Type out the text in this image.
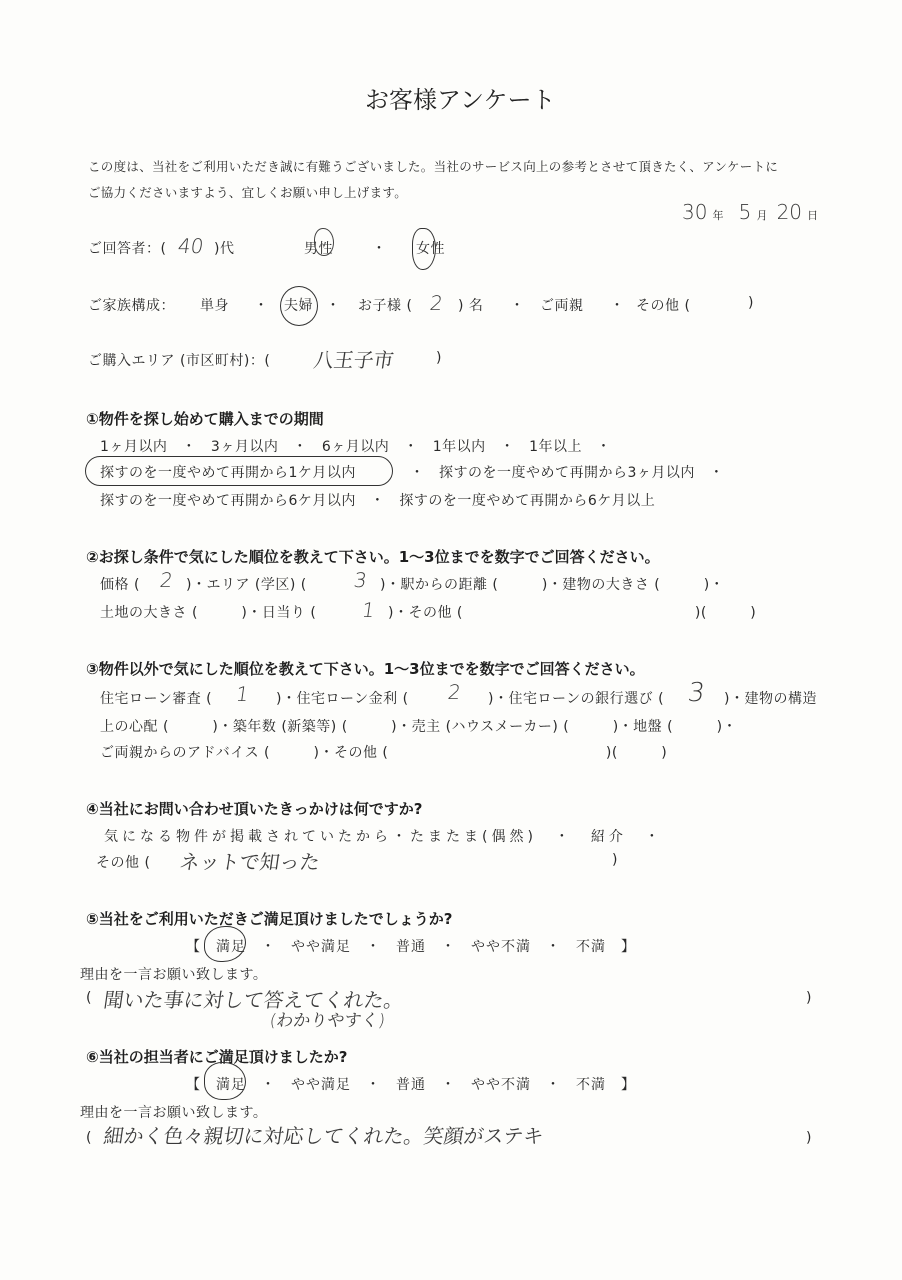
お客様アンケート
この度は、当社をご利用いただき誠に有難うございました。当社のサービス向上の参考とさせて頂きたく、アンケートに
ご協力くださいますよう、宜しくお願い申し上げます。
30 年 5 月 20 日
ご回答者：( 40 )代	男性	・ 女性
ご家族構成： 単身 ・ 夫婦 ・ お子様 ( 2 ) 名 ・ ご両親 ・ その他 (	)
ご購入エリア (市区町村)：( 八王子市	)
①物件を探し始めて購入までの期間
1ヶ月以内　・　3ヶ月以内　・　6ヶ月以内　・　1年以内　・　1年以上　・
探すのを一度やめて再開から1ケ月以内	・　探すのを一度やめて再開から3ヶ月以内　・
探すのを一度やめて再開から6ケ月以内　・　探すのを一度やめて再開から6ケ月以上
②お探し条件で気にした順位を教えて下さい。1～3位までを数字でご回答ください。
価格 ( 2 )・エリア (学区) ( 3 )・駅からの距離 (　　　)・建物の大きさ (　　　)・
土地の大きさ (　　　)・日当り ( 1 )・その他 (　　　　　　　　　　　　　　　　)(　　　)
③物件以外で気にした順位を教えて下さい。1～3位までを数字でご回答ください。
住宅ローン審査 ( 1 )・住宅ローン金利 ( 2 )・住宅ローンの銀行選び ( 3 )・建物の構造
上の心配 (　　　)・築年数 (新築等) (　　　)・売主 (ハウスメーカー) (　　　)・地盤 (　　　)・
ご両親からのアドバイス (　　　)・その他 (　　　　　　　　　　　　　　　)(　　　)
④当社にお問い合わせ頂いたきっかけは何ですか?
気になる物件が掲載されていたから・たまたま(偶然)　・　紹介　・
その他 ( ネットで知った	)
⑤当社をご利用いただきご満足頂けましたでしょうか?
【　満足　・　やや満足　・　普通　・　やや不満　・　不満　】
理由を一言お願い致します。
( 聞いた事に対して答えてくれた。
(わかりやすく)
)
⑥当社の担当者にご満足頂けましたか?
【　満足　・　やや満足　・　普通　・　やや不満　・　不満　】
理由を一言お願い致します。
( 細かく色々親切に対応してくれた。笑顔がステキ	)
